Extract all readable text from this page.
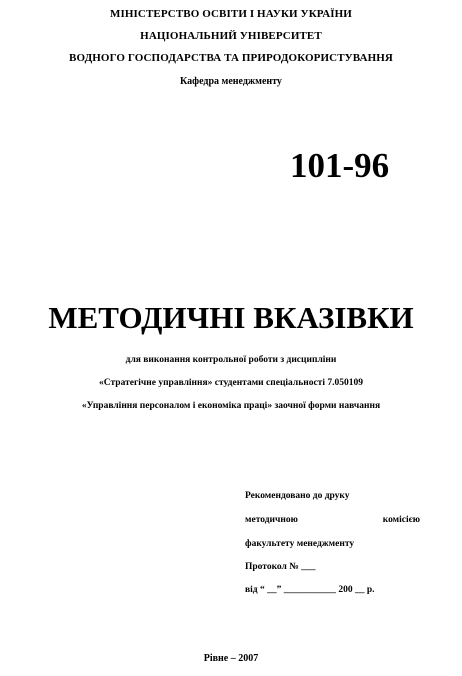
МІНІСТЕРСТВО ОСВІТИ І НАУКИ УКРАЇНИ
НАЦІОНАЛЬНИЙ УНІВЕРСИТЕТ
ВОДНОГО ГОСПОДАРСТВА ТА ПРИРОДОКОРИСТУВАННЯ
Кафедра менеджменту
101-96
МЕТОДИЧНІ ВКАЗІВКИ
для виконання контрольної роботи з дисципліни
«Стратегічне управління» студентами спеціальності 7.050109
«Управління персоналом і економіка праці» заочної форми навчання
Рекомендовано до друку
методичною	комісією
факультету менеджменту
Протокол № ___
від “ __” ___________ 200 __ р.
Рівне – 2007
